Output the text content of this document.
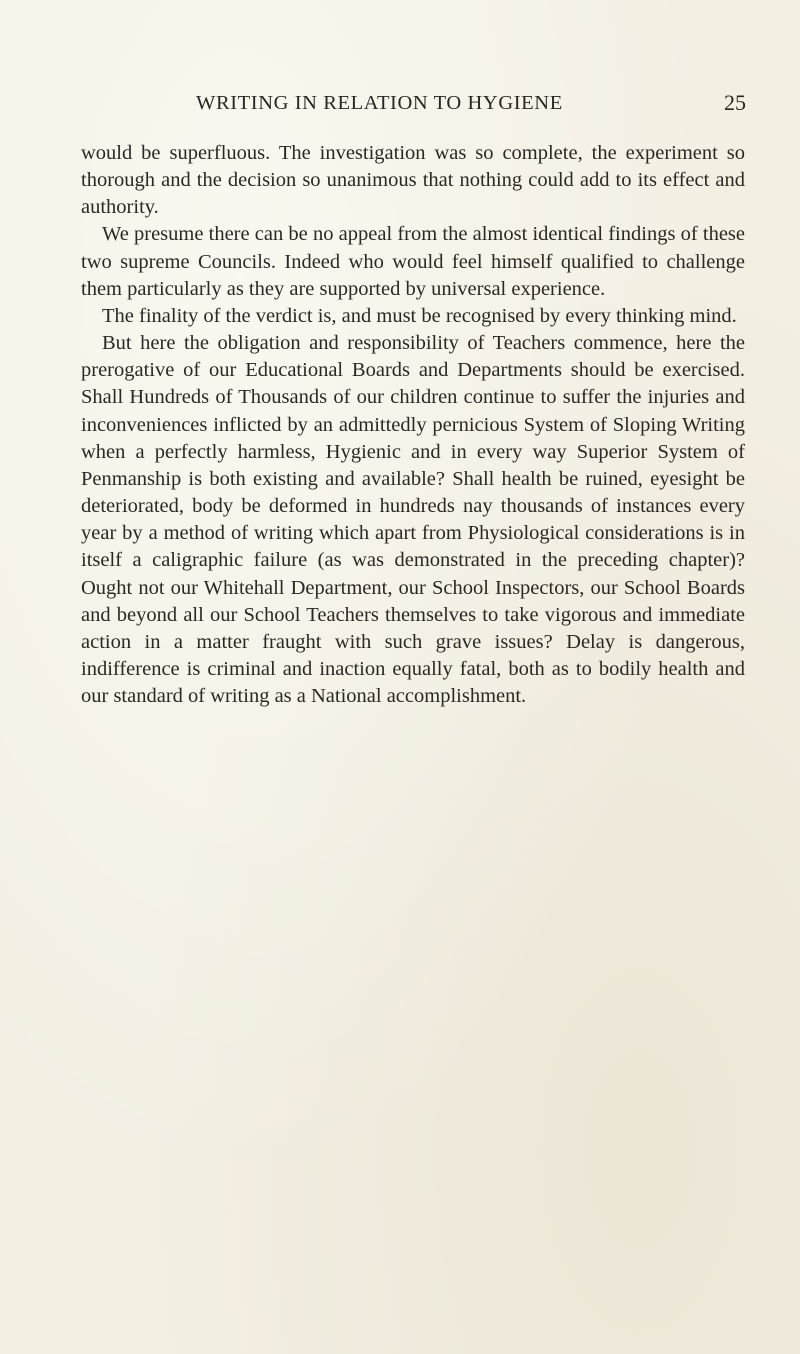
WRITING IN RELATION TO HYGIENE	25

would be superfluous. The investigation was so complete, the experiment so thorough and the decision so unanimous that nothing could add to its effect and authority.

We presume there can be no appeal from the almost identical findings of these two supreme Councils. Indeed who would feel himself qualified to challenge them particularly as they are supported by universal experience.

The finality of the verdict is, and must be recognised by every thinking mind.

But here the obligation and responsibility of Teachers commence, here the prerogative of our Educational Boards and Departments should be exercised. Shall Hundreds of Thousands of our children continue to suffer the injuries and inconveniences inflicted by an admittedly pernicious System of Sloping Writing when a perfectly harmless, Hygienic and in every way Superior System of Penmanship is both existing and available? Shall health be ruined, eyesight be deteriorated, body be deformed in hundreds nay thousands of instances every year by a method of writing which apart from Physiological considerations is in itself a caligraphic failure (as was demonstrated in the preceding chapter)? Ought not our Whitehall Department, our School Inspectors, our School Boards and beyond all our School Teachers themselves to take vigorous and immediate action in a matter fraught with such grave issues? Delay is dangerous, indifference is criminal and inaction equally fatal, both as to bodily health and our standard of writing as a National accomplishment.
